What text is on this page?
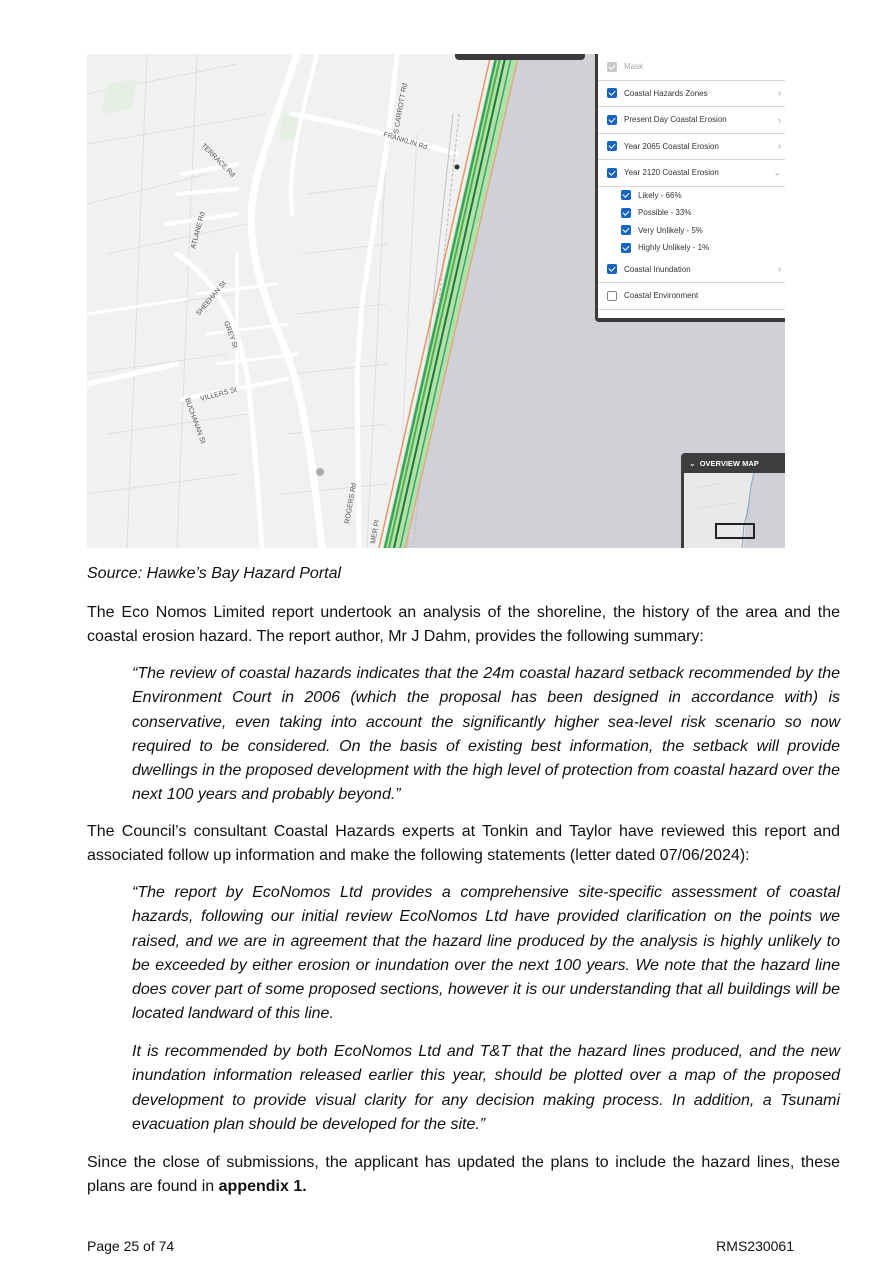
S CARROTT Rd
FRANKLIN Rd
TERRACE Rd
ATLANE Rd
SHEEHAN St
GREY St
VILLERS St
BUCHANAN St
ROGERS Rd
MER Pl
Mask
Coastal Hazards Zones	›
Present Day Coastal Erosion	›
Year 2065 Coastal Erosion	›
Year 2120 Coastal Erosion	⌄
Likely - 66%
Possible - 33%
Very Unlikely - 5%
Highly Unlikely - 1%
Coastal Inundation	›
Coastal Environment
⌄ OVERVIEW MAP
Source: Hawke’s Bay Hazard Portal

The Eco Nomos Limited report undertook an analysis of the shoreline, the history of the area and the coastal erosion hazard. The report author, Mr J Dahm, provides the following summary:

“The review of coastal hazards indicates that the 24m coastal hazard setback recommended by the Environment Court in 2006 (which the proposal has been designed in accordance with) is conservative, even taking into account the significantly higher sea-level risk scenario so now required to be considered. On the basis of existing best information, the setback will provide dwellings in the proposed development with the high level of protection from coastal hazard over the next 100 years and probably beyond.”

The Council’s consultant Coastal Hazards experts at Tonkin and Taylor have reviewed this report and associated follow up information and make the following statements (letter dated 07/06/2024):

“The report by EcoNomos Ltd provides a comprehensive site-specific assessment of coastal hazards, following our initial review EcoNomos Ltd have provided clarification on the points we raised, and we are in agreement that the hazard line produced by the analysis is highly unlikely to be exceeded by either erosion or inundation over the next 100 years. We note that the hazard line does cover part of some proposed sections, however it is our understanding that all buildings will be located landward of this line.

It is recommended by both EcoNomos Ltd and T&T that the hazard lines produced, and the new inundation information released earlier this year, should be plotted over a map of the proposed development to provide visual clarity for any decision making process. In addition, a Tsunami evacuation plan should be developed for the site.”

Since the close of submissions, the applicant has updated the plans to include the hazard lines, these plans are found in appendix 1.

Page 25 of 74	RMS230061
